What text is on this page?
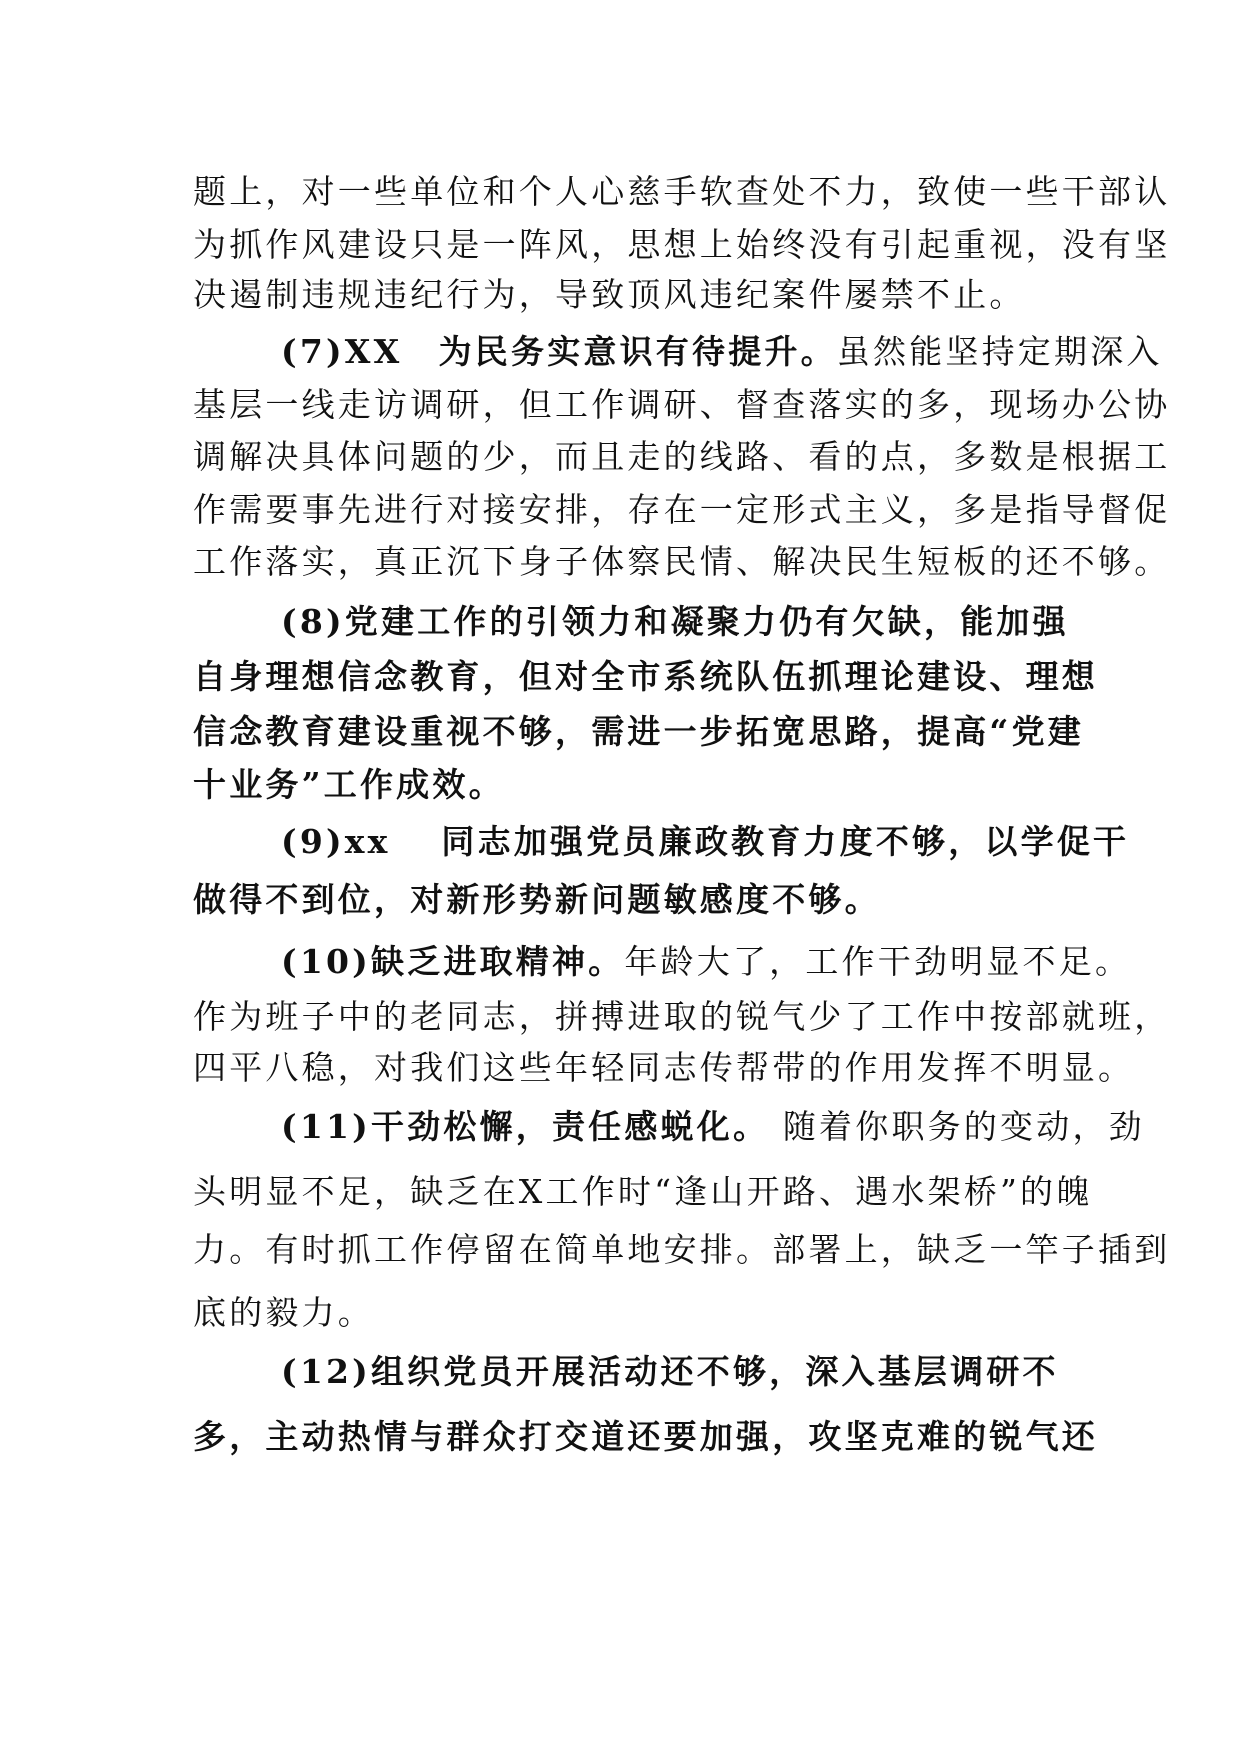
题上，对一些单位和个人心慈手软查处不力，致使一些干部认
为抓作风建设只是一阵风，思想上始终没有引起重视，没有坚
决遏制违规违纪行为，导致顶风违纪案件屡禁不止。
(7)XX　为民务实意识有待提升。虽然能坚持定期深入
基层一线走访调研，但工作调研、督查落实的多，现场办公协
调解决具体问题的少，而且走的线路、看的点，多数是根据工
作需要事先进行对接安排，存在一定形式主义，多是指导督促
工作落实，真正沉下身子体察民情、解决民生短板的还不够。
(8)党建工作的引领力和凝聚力仍有欠缺，能加强
自身理想信念教育，但对全市系统队伍抓理论建设、理想
信念教育建设重视不够，需进一步拓宽思路，提高“党建
十业务”工作成效。
(9)xx　 同志加强党员廉政教育力度不够，以学促干
做得不到位，对新形势新问题敏感度不够。
(10)缺乏进取精神。年龄大了，工作干劲明显不足。
作为班子中的老同志，拼搏进取的锐气少了工作中按部就班，
四平八稳，对我们这些年轻同志传帮带的作用发挥不明显。
(11)干劲松懈，责任感蜕化。 随着你职务的变动，劲
头明显不足，缺乏在X工作时“逢山开路、遇水架桥”的魄
力。有时抓工作停留在简单地安排。部署上，缺乏一竿子插到
底的毅力。
(12)组织党员开展活动还不够，深入基层调研不
多，主动热情与群众打交道还要加强，攻坚克难的锐气还
